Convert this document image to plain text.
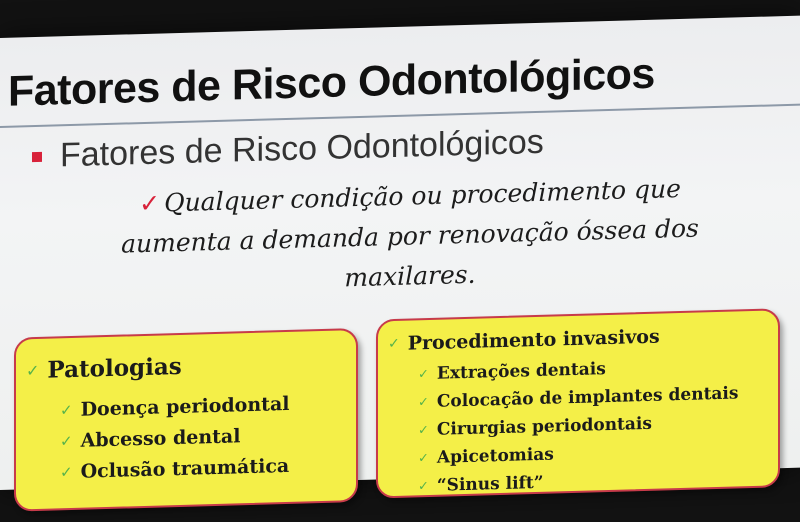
Fatores de Risco Odontológicos
Fatores de Risco Odontológicos
✓ Qualquer condição ou procedimento que aumenta a demanda por renovação óssea dos maxilares.
✓ Patologias
✓ Doença periodontal
✓ Abcesso dental
✓ Oclusão traumática
✓ Procedimento invasivos
✓ Extrações dentais
✓ Colocação de implantes dentais
✓ Cirurgias periodontais
✓ Apicetomias
✓ “Sinus lift”
